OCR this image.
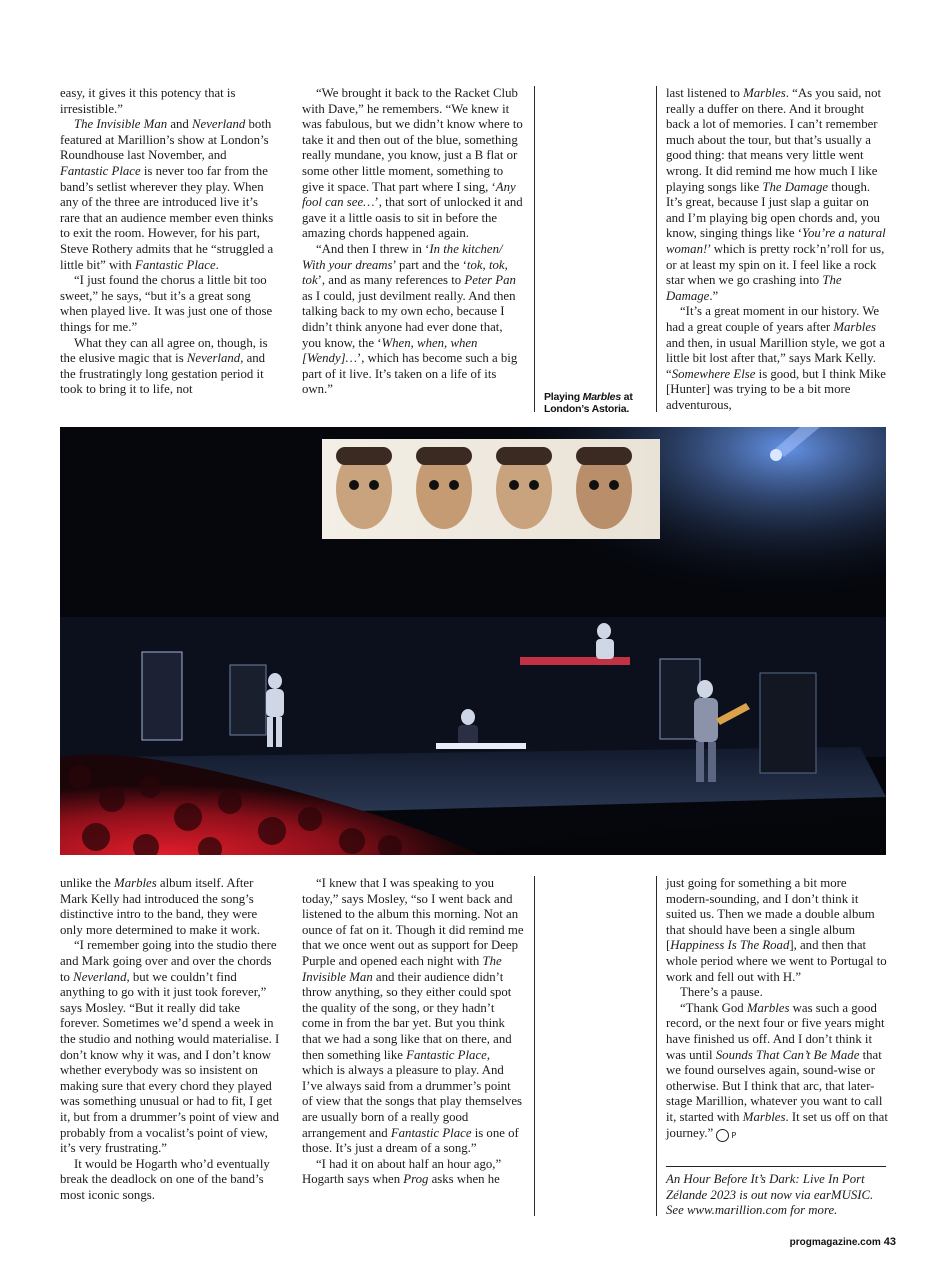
easy, it gives it this potency that is irresistible.”

The Invisible Man and Neverland both featured at Marillion’s show at London’s Roundhouse last November, and Fantastic Place is never too far from the band’s setlist wherever they play. When any of the three are introduced live it’s rare that an audience member even thinks to exit the room. However, for his part, Steve Rothery admits that he “struggled a little bit” with Fantastic Place.

“I just found the chorus a little bit too sweet,” he says, “but it’s a great song when played live. It was just one of those things for me.”

What they can all agree on, though, is the elusive magic that is Neverland, and the frustratingly long gestation period it took to bring it to life, not

“We brought it back to the Racket Club with Dave,” he remembers. “We knew it was fabulous, but we didn’t know where to take it and then out of the blue, something really mundane, you know, just a B flat or some other little moment, something to give it space. That part where I sing, ‘Any fool can see…’, that sort of unlocked it and gave it a little oasis to sit in before the amazing chords happened again.

“And then I threw in ‘In the kitchen/ With your dreams’ part and the ‘tok, tok, tok’, and as many references to Peter Pan as I could, just devilment really. And then talking back to my own echo, because I didn’t think anyone had ever done that, you know, the ‘When, when, when [Wendy]…’, which has become such a big part of it live. It’s taken on a life of its own.”

Playing Marbles at London’s Astoria.

last listened to Marbles. “As you said, not really a duffer on there. And it brought back a lot of memories. I can’t remember much about the tour, but that’s usually a good thing: that means very little went wrong. It did remind me how much I like playing songs like The Damage though. It’s great, because I just slap a guitar on and I’m playing big open chords and, you know, singing things like ‘You’re a natural woman!’ which is pretty rock’n’roll for us, or at least my spin on it. I feel like a rock star when we go crashing into The Damage.”

“It’s a great moment in our history. We had a great couple of years after Marbles and then, in usual Marillion style, we got a little bit lost after that,” says Mark Kelly. “Somewhere Else is good, but I think Mike [Hunter] was trying to be a bit more adventurous,

unlike the Marbles album itself. After Mark Kelly had introduced the song’s distinctive intro to the band, they were only more determined to make it work.

“I remember going into the studio there and Mark going over and over the chords to Neverland, but we couldn’t find anything to go with it just took forever,” says Mosley. “But it really did take forever. Sometimes we’d spend a week in the studio and nothing would materialise. I don’t know why it was, and I don’t know whether everybody was so insistent on making sure that every chord they played was something unusual or had to fit, I get it, but from a drummer’s point of view and probably from a vocalist’s point of view, it’s very frustrating.”

It would be Hogarth who’d eventually break the deadlock on one of the band’s most iconic songs.

“I knew that I was speaking to you today,” says Mosley, “so I went back and listened to the album this morning. Not an ounce of fat on it. Though it did remind me that we once went out as support for Deep Purple and opened each night with The Invisible Man and their audience didn’t throw anything, so they either could spot the quality of the song, or they hadn’t come in from the bar yet. But you think that we had a song like that on there, and then something like Fantastic Place, which is always a pleasure to play. And I’ve always said from a drummer’s point of view that the songs that play themselves are usually born of a really good arrangement and Fantastic Place is one of those. It’s just a dream of a song.”

“I had it on about half an hour ago,” Hogarth says when Prog asks when he

just going for something a bit more modern-sounding, and I don’t think it suited us. Then we made a double album that should have been a single album [Happiness Is The Road], and then that whole period where we went to Portugal to work and fell out with H.”

There’s a pause.

“Thank God Marbles was such a good record, or the next four or five years might have finished us off. And I don’t think it was until Sounds That Can’t Be Made that we found ourselves again, sound-wise or otherwise. But I think that arc, that later-stage Marillion, whatever you want to call it, started with Marbles. It set us off on that journey.” P

An Hour Before It’s Dark: Live In Port Zélande 2023 is out now via earMUSIC. See www.marillion.com for more.
progmagazine.com 43
